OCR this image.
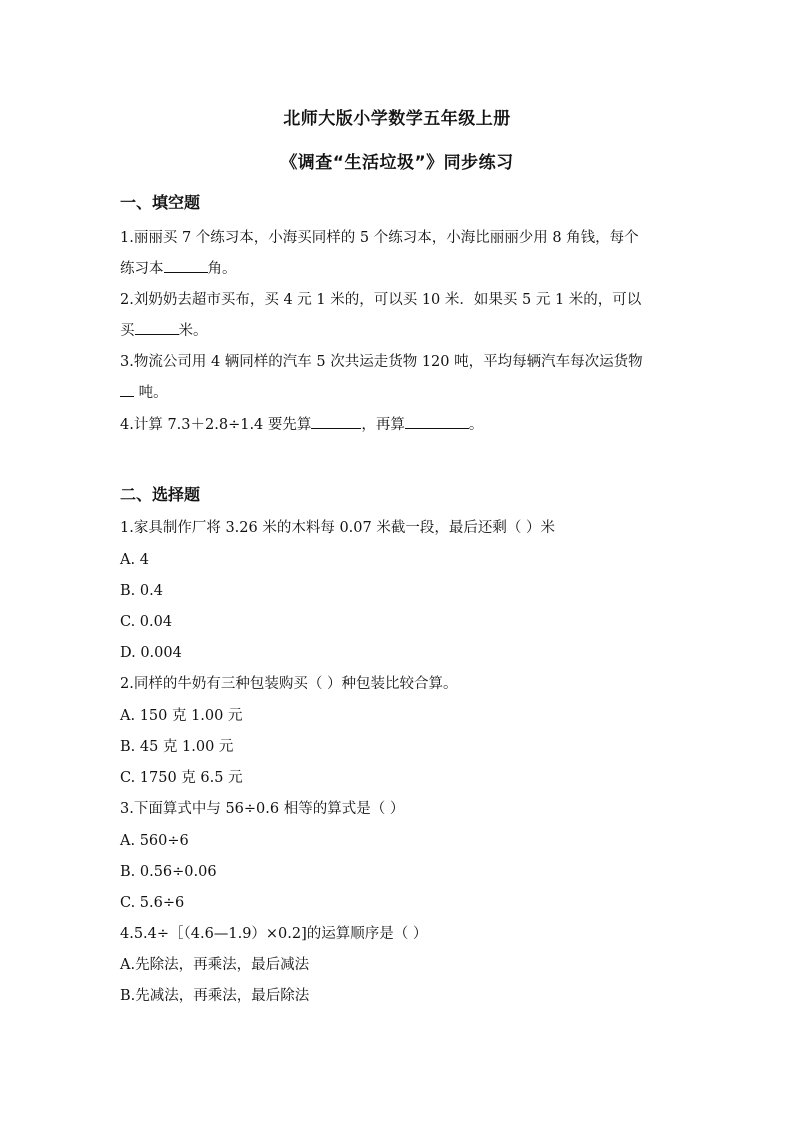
北师大版小学数学五年级上册
《调查“生活垃圾”》同步练习
一、填空题
1.丽丽买 7 个练习本，小海买同样的 5 个练习本，小海比丽丽少用 8 角钱，每个
练习本	角。
2.刘奶奶去超市买布，买 4 元 1 米的，可以买 10 米．如果买 5 元 1 米的，可以
买	米。
3.物流公司用 4 辆同样的汽车 5 次共运走货物 120 吨，平均每辆汽车每次运货物
吨。
4.计算 7.3＋2.8÷1.4 要先算	，再算	。
二、选择题
1.家具制作厂将 3.26 米的木料每 0.07 米截一段，最后还剩（ ）米
A. 4
B. 0.4
C. 0.04
D. 0.004
2.同样的牛奶有三种包装购买（ ）种包装比较合算。
A. 150 克 1.00 元
B. 45 克 1.00 元
C. 1750 克 6.5 元
3.下面算式中与 56÷0.6 相等的算式是（ ）
A. 560÷6
B. 0.56÷0.06
C. 5.6÷6
4.5.4÷［（4.6—1.9）×0.2]的运算顺序是（ ）
A.先除法，再乘法，最后减法
B.先减法，再乘法，最后除法
